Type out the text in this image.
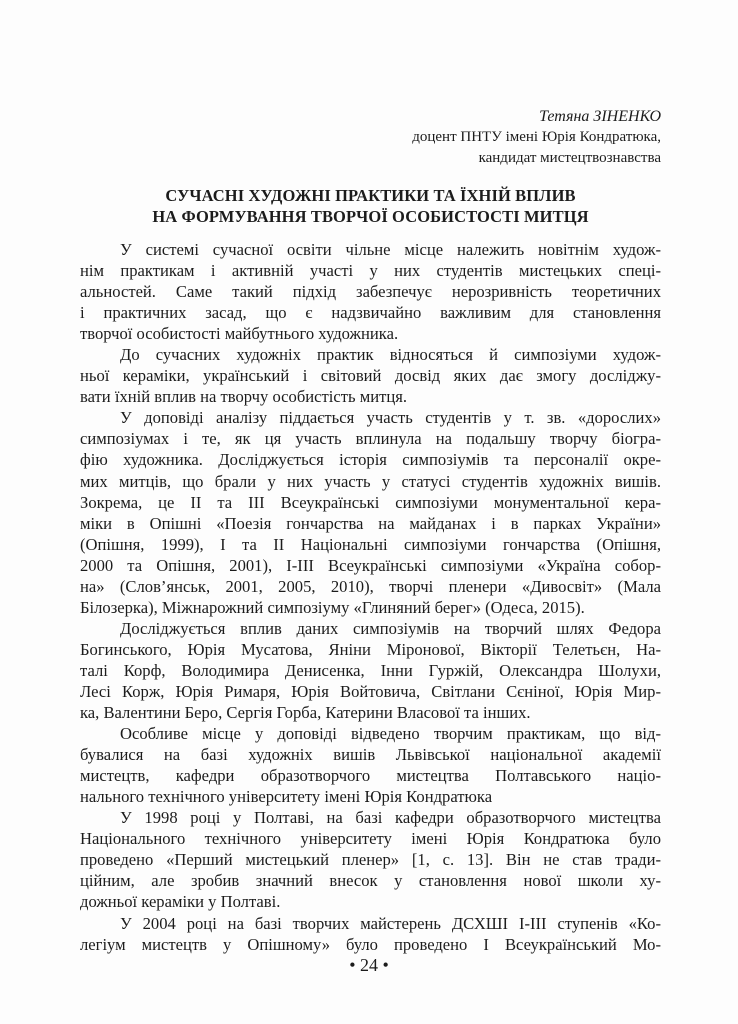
Тетяна ЗІНЕНКО
доцент ПНТУ імені Юрія Кондратюка,
кандидат мистецтвознавства
СУЧАСНІ ХУДОЖНІ ПРАКТИКИ ТА ЇХНІЙ ВПЛИВ
НА ФОРМУВАННЯ ТВОРЧОЇ ОСОБИСТОСТІ МИТЦЯ
У системі сучасної освіти чільне місце належить новітнім худож-
нім практикам і активній участі у них студентів мистецьких спеці-
альностей. Саме такий підхід забезпечує нерозривність теоретичних
і практичних засад, що є надзвичайно важливим для становлення
творчої особистості майбутнього художника.
До сучасних художніх практик відносяться й симпозіуми худож-
ньої кераміки, український і світовий досвід яких дає змогу досліджу-
вати їхній вплив на творчу особистість митця.
У доповіді аналізу піддається участь студентів у т. зв. «дорослих»
симпозіумах і те, як ця участь вплинула на подальшу творчу біогра-
фію художника. Досліджується історія симпозіумів та персоналії окре-
мих митців, що брали у них участь у статусі студентів художніх вишів.
Зокрема, це II та III Всеукраїнські симпозіуми монументальної кера-
міки в Опішні «Поезія гончарства на майданах і в парках України»
(Опішня, 1999), I та II Національні симпозіуми гончарства (Опішня,
2000 та Опішня, 2001), I-III Всеукраїнські симпозіуми «Україна собор-
на» (Слов’янськ, 2001, 2005, 2010), творчі пленери «Дивосвіт» (Мала
Білозерка), Міжнарожний симпозіуму «Глиняний берег» (Одеса, 2015).
Досліджується вплив даних симпозіумів на творчий шлях Федора
Богинського, Юрія Мусатова, Яніни Міронової, Вікторії Телетьєн, На-
талі Корф, Володимира Денисенка, Інни Гуржій, Олександра Шолухи,
Лесі Корж, Юрія Римаря, Юрія Войтовича, Світлани Сєніної, Юрія Мир-
ка, Валентини Беро, Сергія Горба, Катерини Власової та інших.
Особливе місце у доповіді відведено творчим практикам, що від-
бувалися на базі художніх вишів Львівської національної академії
мистецтв, кафедри образотворчого мистецтва Полтавського націо-
нального технічного університету імені Юрія Кондратюка
У 1998 році у Полтаві, на базі кафедри образотворчого мистецтва
Національного технічного університету імені Юрія Кондратюка було
проведено «Перший мистецький пленер» [1, с. 13]. Він не став тради-
ційним, але зробив значний внесок у становлення нової школи ху-
дожньої кераміки у Полтаві.
У 2004 році на базі творчих майстерень ДСХШІ I-III ступенів «Ко-
легіум мистецтв у Опішному» було проведено I Всеукраїнський Мо-
• 24 •
